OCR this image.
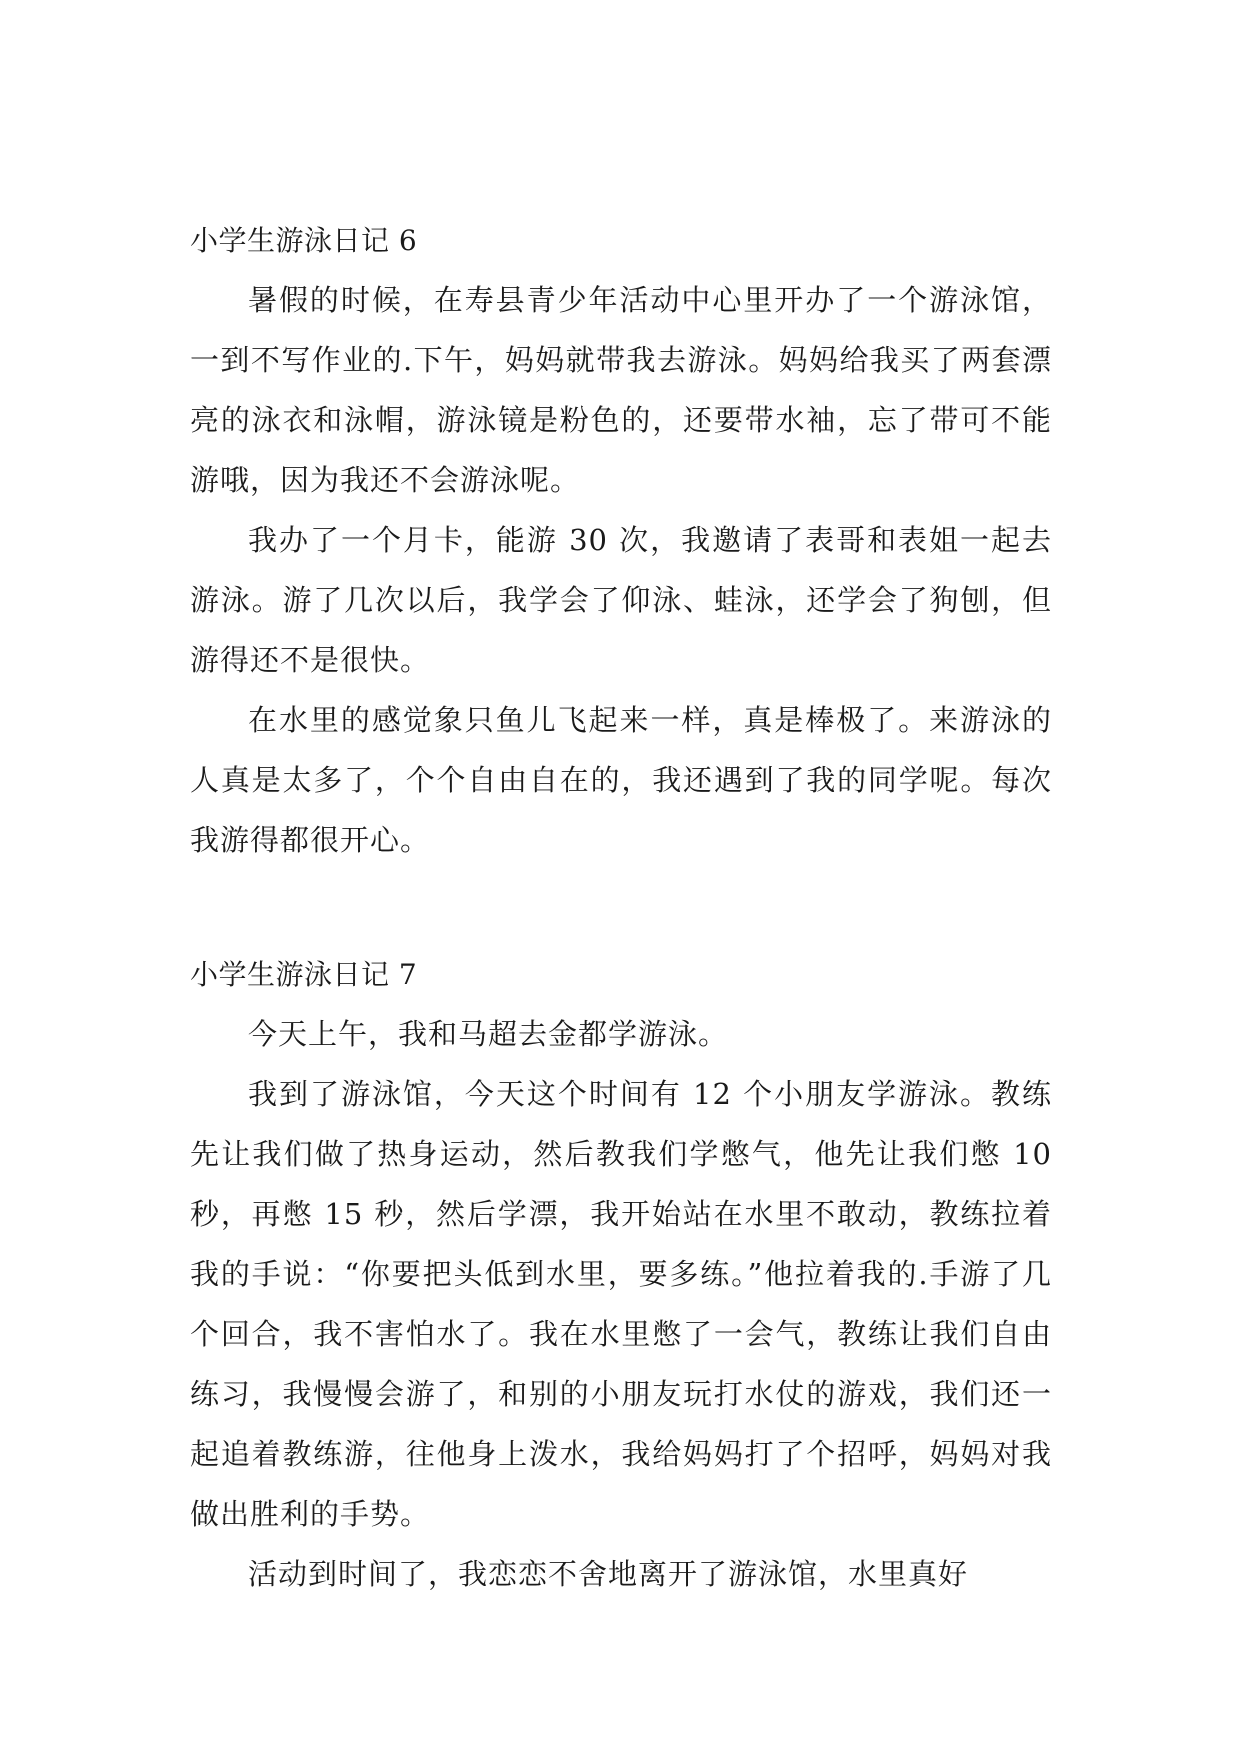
小学生游泳日记 6

暑假的时候，在寿县青少年活动中心里开办了一个游泳馆，一到不写作业的.下午，妈妈就带我去游泳。妈妈给我买了两套漂亮的泳衣和泳帽，游泳镜是粉色的，还要带水袖，忘了带可不能游哦，因为我还不会游泳呢。

我办了一个月卡，能游 30 次，我邀请了表哥和表姐一起去游泳。游了几次以后，我学会了仰泳、蛙泳，还学会了狗刨，但游得还不是很快。

在水里的感觉象只鱼儿飞起来一样，真是棒极了。来游泳的人真是太多了，个个自由自在的，我还遇到了我的同学呢。每次我游得都很开心。

小学生游泳日记 7

今天上午，我和马超去金都学游泳。

我到了游泳馆，今天这个时间有 12 个小朋友学游泳。教练先让我们做了热身运动，然后教我们学憋气，他先让我们憋 10 秒，再憋 15 秒，然后学漂，我开始站在水里不敢动，教练拉着我的手说：“你要把头低到水里，要多练。”他拉着我的.手游了几个回合，我不害怕水了。我在水里憋了一会气，教练让我们自由练习，我慢慢会游了，和别的小朋友玩打水仗的游戏，我们还一起追着教练游，往他身上泼水，我给妈妈打了个招呼，妈妈对我做出胜利的手势。

活动到时间了，我恋恋不舍地离开了游泳馆，水里真好
